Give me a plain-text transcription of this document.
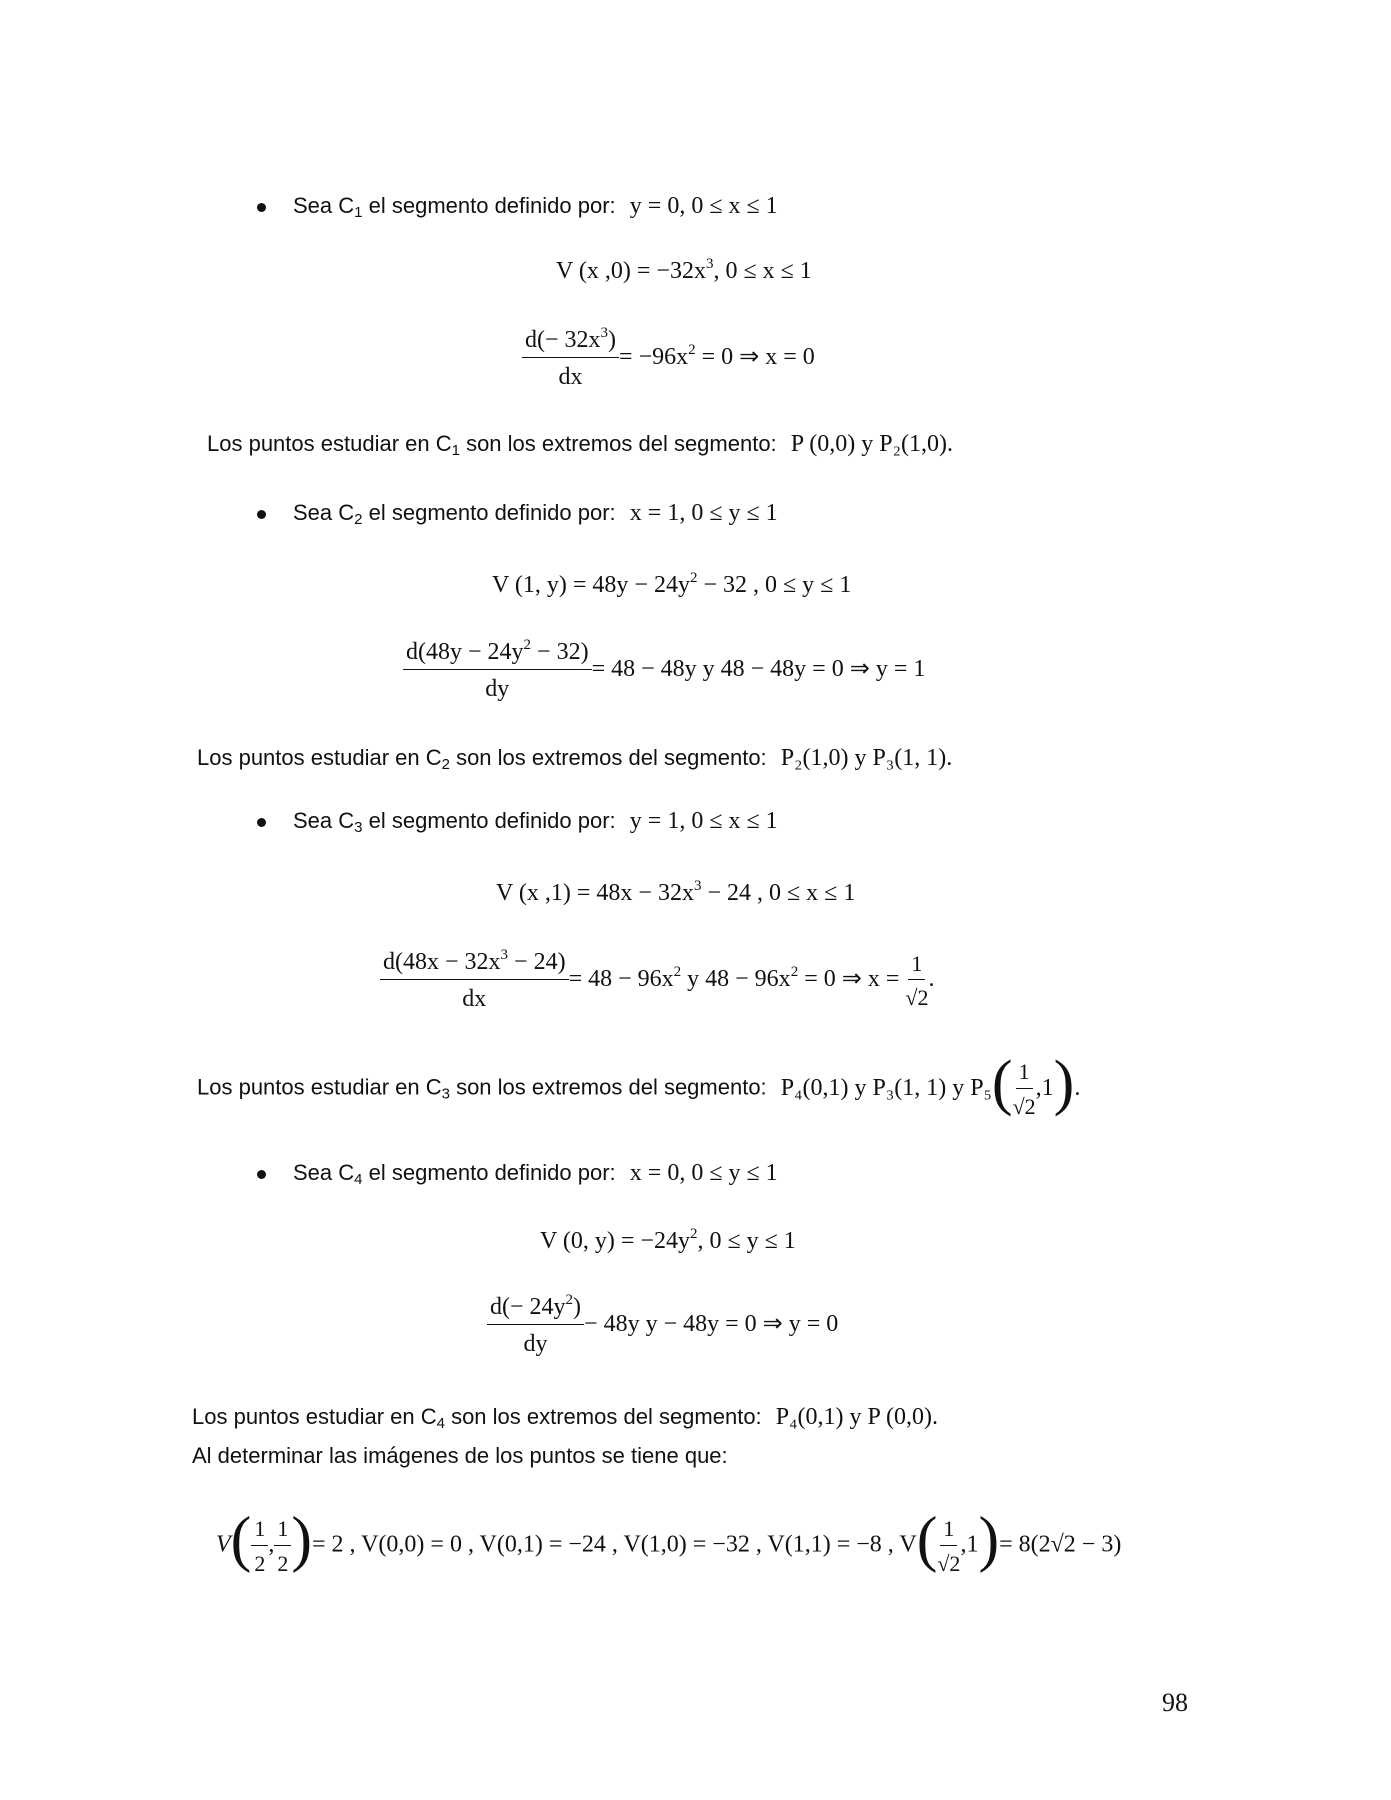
Sea $C_1$ el segmento definido por: y = 0, 0 ≤ x ≤ 1
V (x $,0) = -32x^3$, 0 ≤ x ≤ 1
$\frac{d(- 32x^3)}{dx} = -96x^2 = 0$ ⇒ x = 0
Los puntos estudiar en $C_1$ son los extremos del segmento: P (0,0) y P₂(1,0).
Sea $C_2$ el segmento definido por: x = 1, 0 ≤ y ≤ 1
V (1, $y) = 48y - 24y^2 - 32$ , 0 ≤ y ≤ 1
$\frac{d(48y - 24y^2 - 32)}{dy} = 48 - 48y$ y 48 − 48y = 0 ⇒ y = 1
Los puntos estudiar en $C_2$ son los extremos del segmento: P₂(1,0) y P₃(1, 1).
Sea $C_3$ el segmento definido por: y = 1, 0 ≤ x ≤ 1
V (x $,1) = 48x - 32x^3 - 24$ , 0 ≤ x ≤ 1
$\frac{d(48x - 32x^3 - 24)}{dx} = 48 - 96x^2$ y $48 - 96x^2 = 0$ ⇒ $x = \frac{1}{√2}$ .
Los puntos estudiar en $C_3$ son los extremos del segmento: P₄(0,1) y P₃(1, 1) y $P_5( \frac{1}{√2} ,1)$.
Sea $C_4$ el segmento definido por: x = 0, 0 ≤ y ≤ 1
V (0, $y) = -24y^2$, 0 ≤ y ≤ 1
$\frac{d(- 24y^2)}{dy} - 48y$ y − 48y = 0 ⇒ y = 0
Los puntos estudiar en $C_4$ son los extremos del segmento: P₄(0,1) y P (0,0).
Al determinar las imágenes de los puntos se tiene que:
$V( \frac{1}{2}$ , $\frac{1}{2}$ )= 2 , V(0,0) = 0 , V(0,1) = −24 , V(1,0) = −32 , V(1,1) = −8 , $V( \frac{1}{√2} ,1)= 8(2√2 - 3)$
98
